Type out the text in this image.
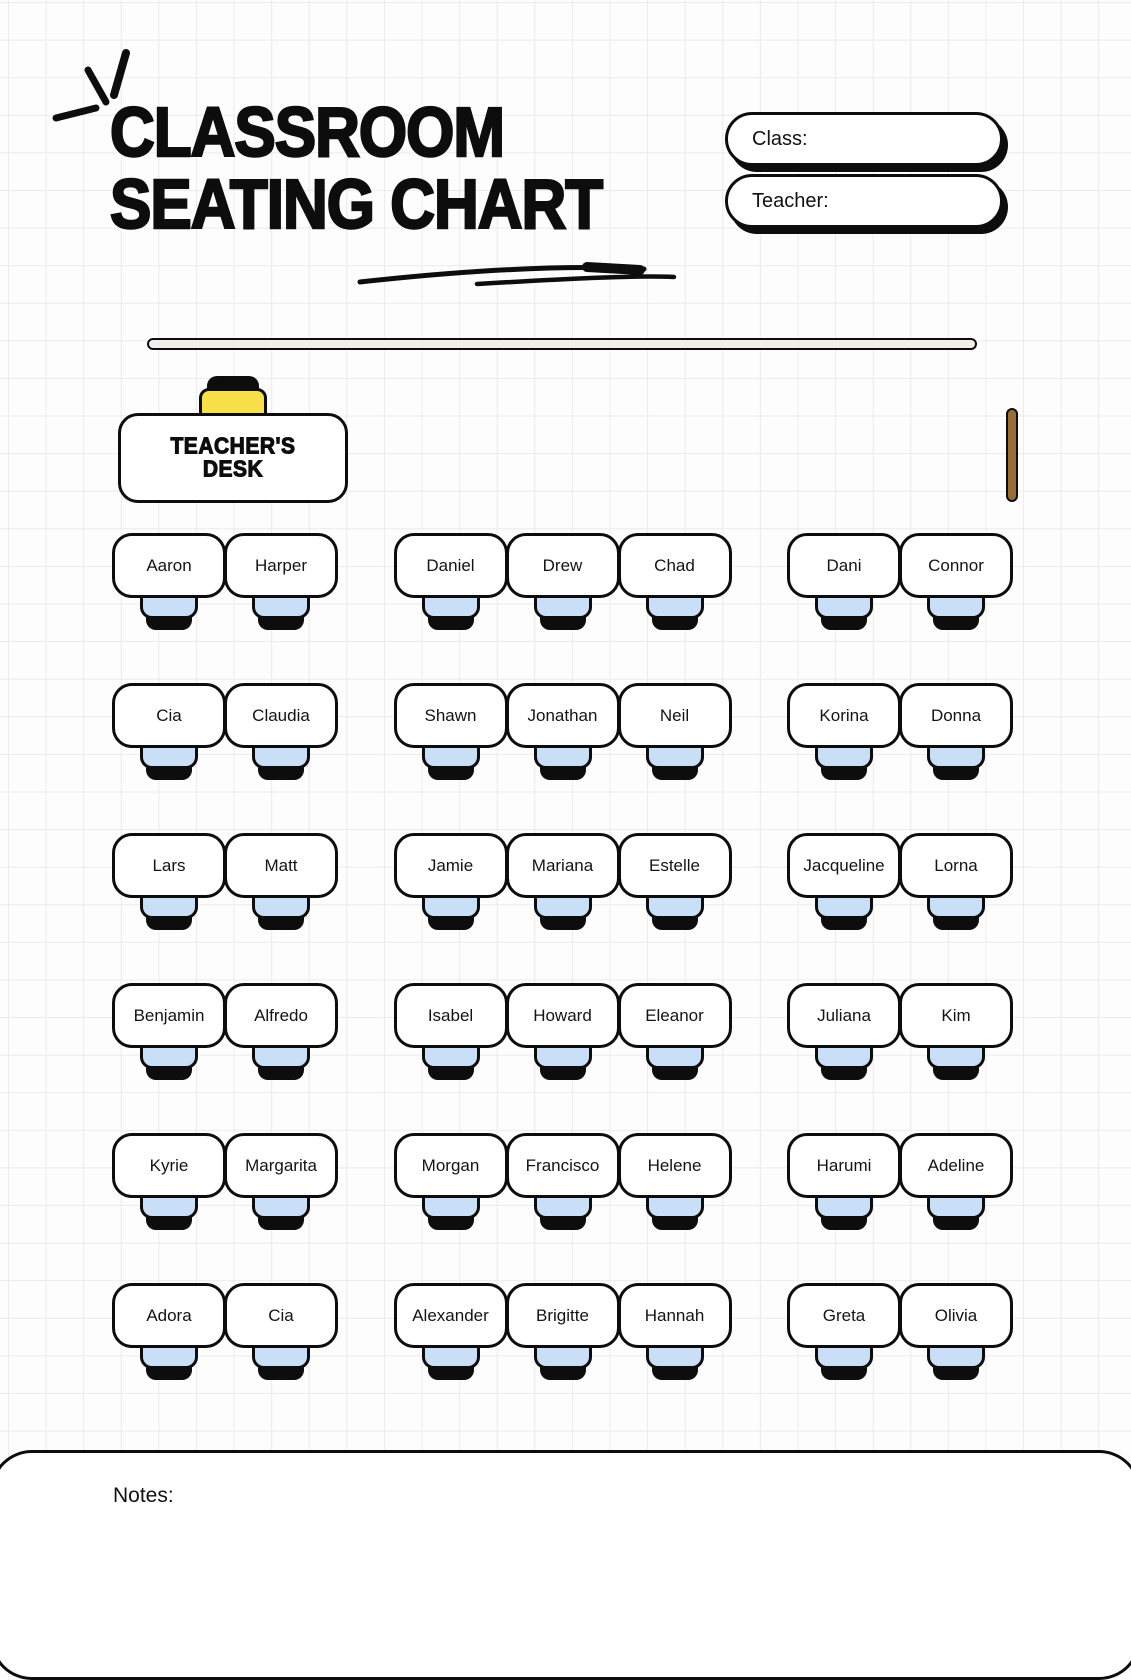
CLASSROOM
SEATING CHART
Class:
Teacher:
TEACHER'S
DESK
Aaron	Harper	Daniel	Drew	Chad	Dani	Connor
Cia	Claudia	Shawn	Jonathan	Neil	Korina	Donna
Lars	Matt	Jamie	Mariana	Estelle	Jacqueline	Lorna
Benjamin	Alfredo	Isabel	Howard	Eleanor	Juliana	Kim
Kyrie	Margarita	Morgan	Francisco	Helene	Harumi	Adeline
Adora	Cia	Alexander	Brigitte	Hannah	Greta	Olivia
Notes:
